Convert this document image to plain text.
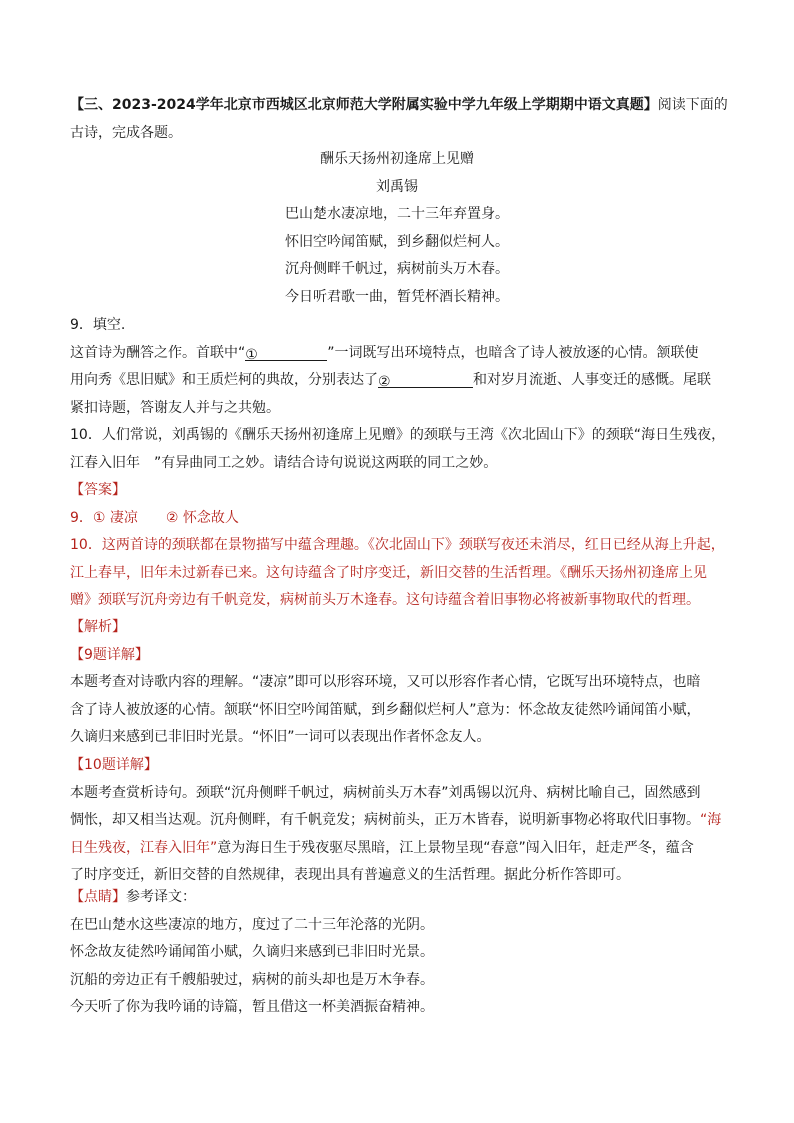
【三、2023-2024学年北京市西城区北京师范大学附属实验中学九年级上学期期中语文真题】阅读下面的
古诗，完成各题。
酬乐天扬州初逢席上见赠
刘禹锡
巴山楚水凄凉地，二十三年弃置身。
怀旧空吟闻笛赋，到乡翻似烂柯人。
沉舟侧畔千帆过，病树前头万木春。
今日听君歌一曲，暂凭杯酒长精神。
9．填空.
这首诗为酬答之作。首联中“①	”一词既写出环境特点，也暗含了诗人被放逐的心情。颔联使
用向秀《思旧赋》和王质烂柯的典故，分别表达了②	和对岁月流逝、人事变迁的感慨。尾联
紧扣诗题，答谢友人并与之共勉。
10．人们常说，刘禹锡的《酬乐天扬州初逢席上见赠》的颈联与王湾《次北固山下》的颈联“海日生残夜，
江春入旧年　”有异曲同工之妙。请结合诗句说说这两联的同工之妙。
【答案】
9．① 凄凉　　② 怀念故人
10．这两首诗的颈联都在景物描写中蕴含理趣。《次北固山下》颈联写夜还未消尽，红日已经从海上升起，
江上春早，旧年未过新春已来。这句诗蕴含了时序变迁，新旧交替的生活哲理。《酬乐天扬州初逢席上见
赠》颈联写沉舟旁边有千帆竞发，病树前头万木逢春。这句诗蕴含着旧事物必将被新事物取代的哲理。
【解析】
【9题详解】
本题考查对诗歌内容的理解。“凄凉”即可以形容环境，又可以形容作者心情，它既写出环境特点，也暗
含了诗人被放逐的心情。颔联“怀旧空吟闻笛赋，到乡翻似烂柯人”意为：怀念故友徒然吟诵闻笛小赋，
久谪归来感到已非旧时光景。“怀旧”一词可以表现出作者怀念友人。
【10题详解】
本题考查赏析诗句。颈联“沉舟侧畔千帆过，病树前头万木春”刘禹锡以沉舟、病树比喻自己，固然感到
惆怅，却又相当达观。沉舟侧畔，有千帆竞发；病树前头，正万木皆春，说明新事物必将取代旧事物。“海
日生残夜，江春入旧年”意为海日生于残夜驱尽黑暗，江上景物呈现“春意”闯入旧年，赶走严冬，蕴含
了时序变迁，新旧交替的自然规律，表现出具有普遍意义的生活哲理。据此分析作答即可。
【点睛】参考译文：
在巴山楚水这些凄凉的地方，度过了二十三年沦落的光阴。
怀念故友徒然吟诵闻笛小赋，久谪归来感到已非旧时光景。
沉船的旁边正有千艘船驶过，病树的前头却也是万木争春。
今天听了你为我吟诵的诗篇，暂且借这一杯美酒振奋精神。
